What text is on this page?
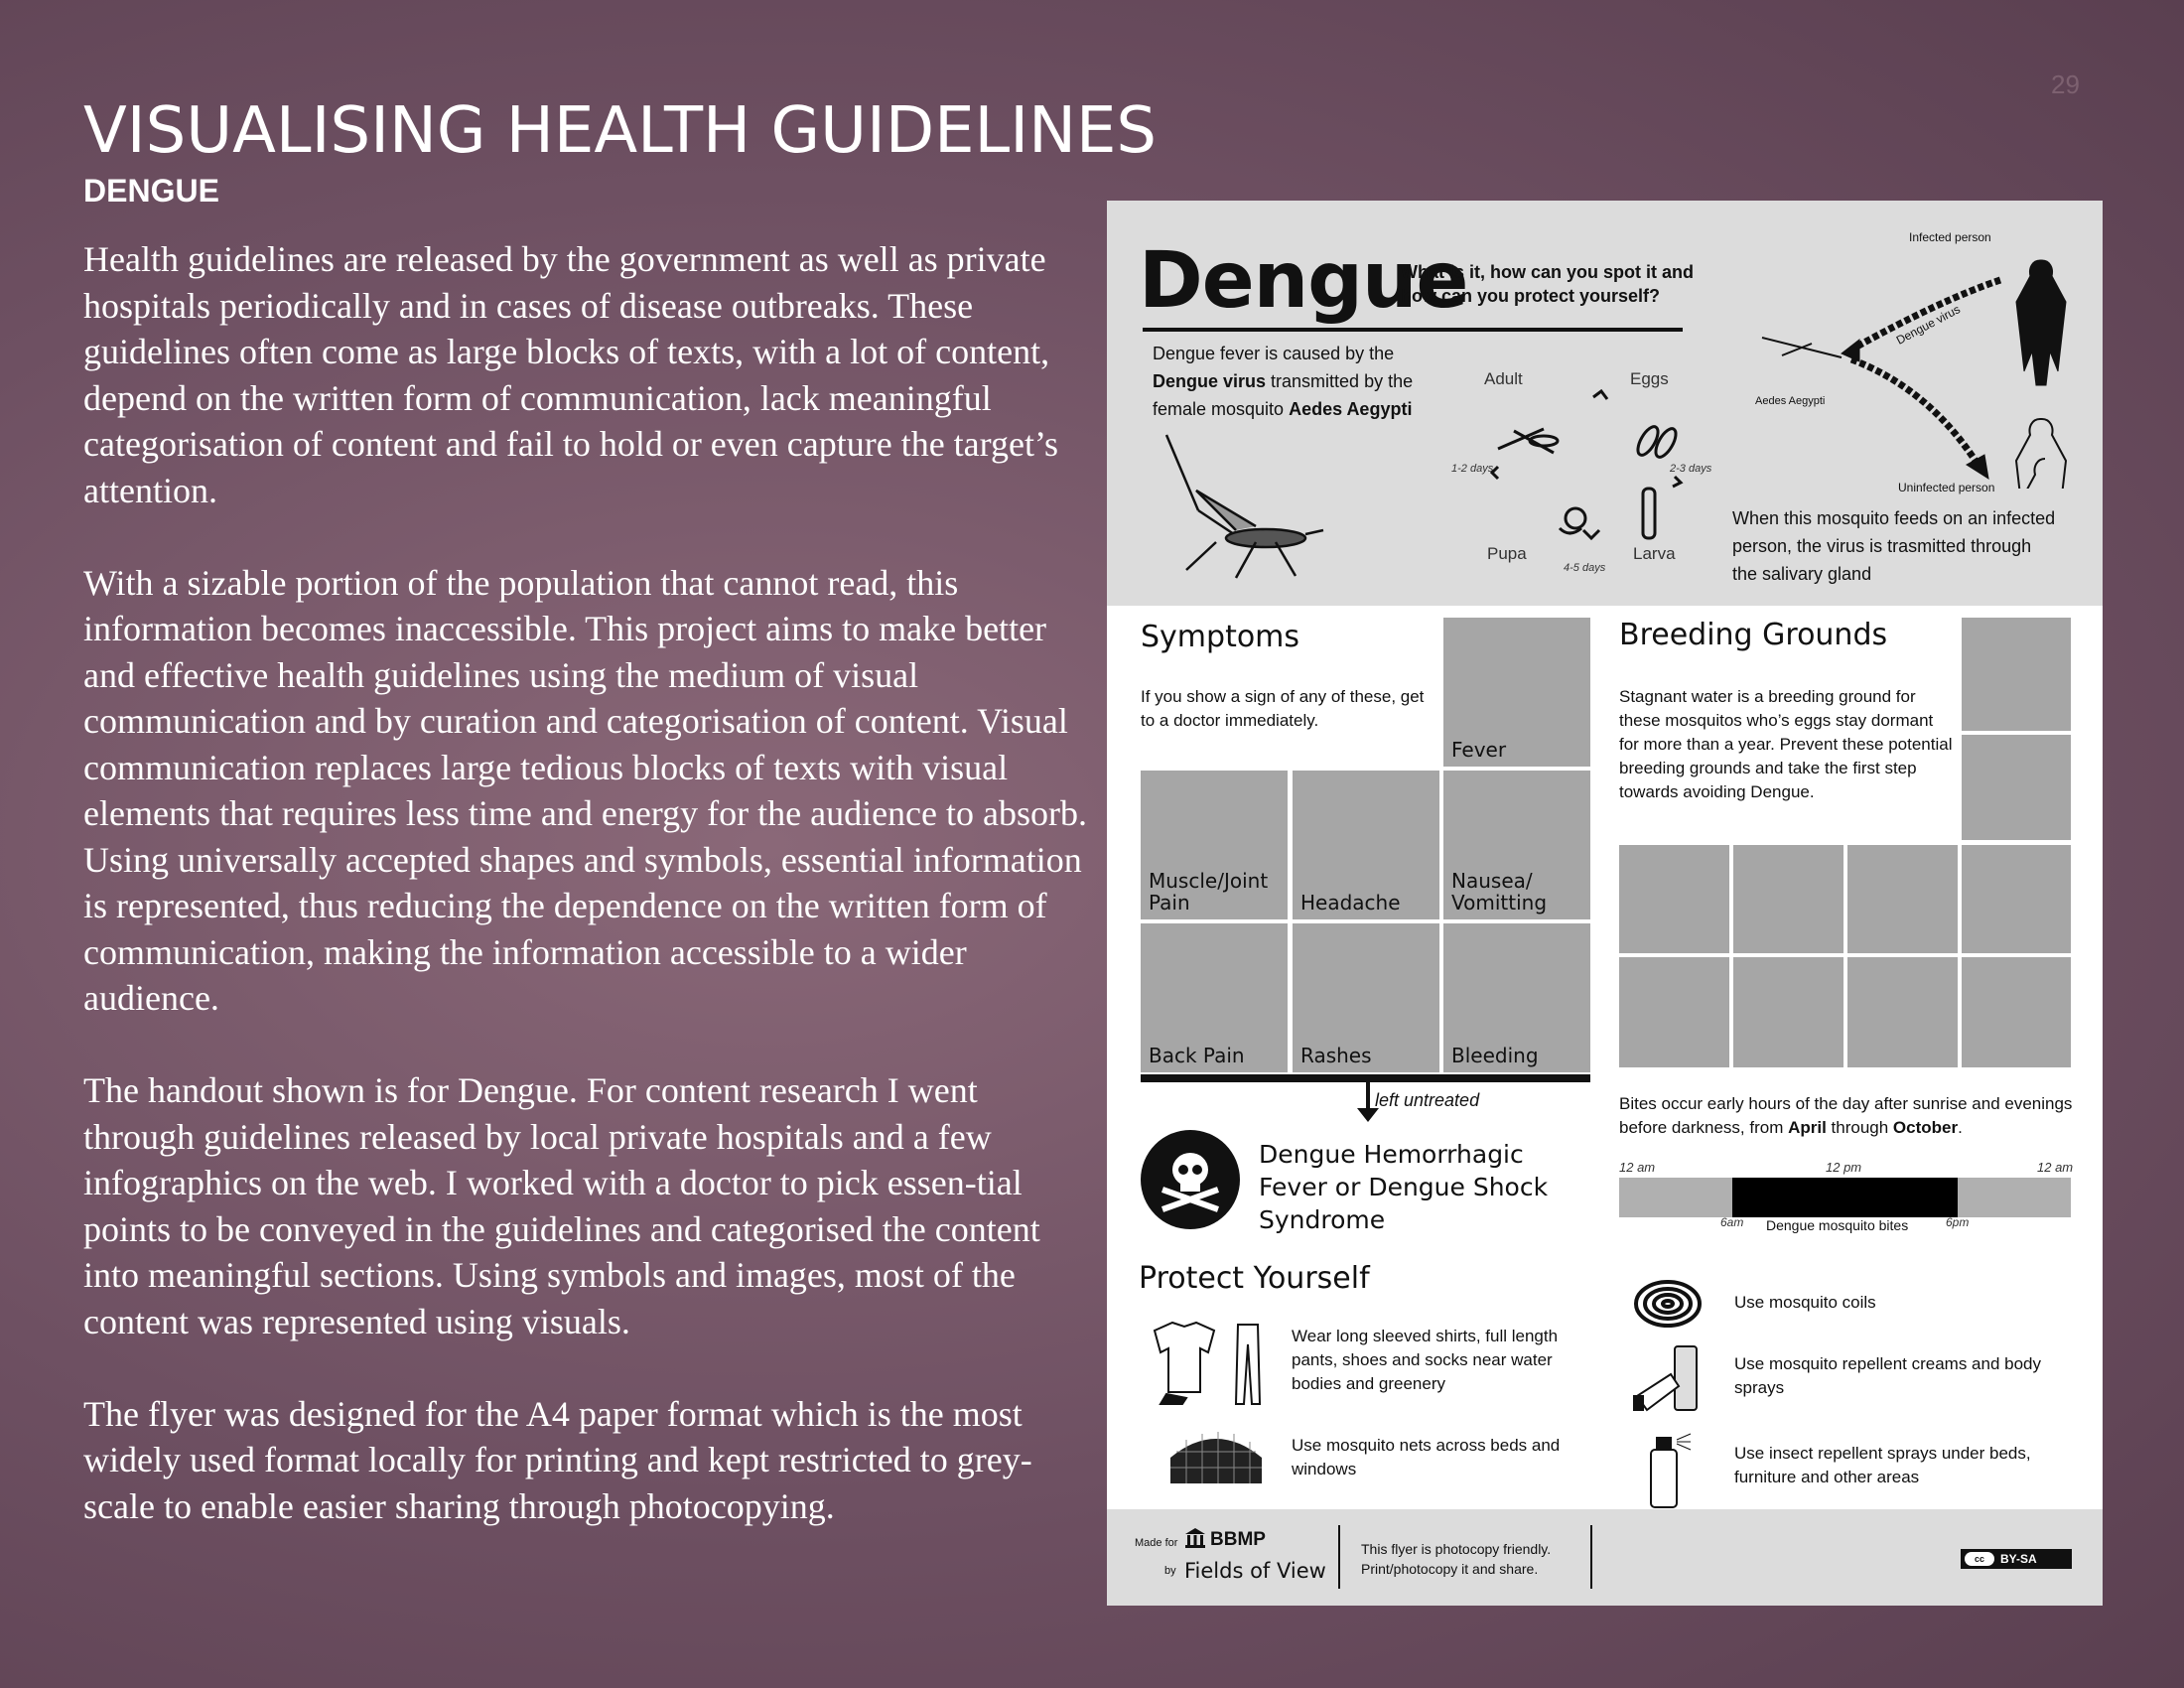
29
VISUALISING HEALTH GUIDELINES
DENGUE

Health guidelines are released by the government as well as private hospitals periodically and in cases of disease outbreaks. These guidelines often come as large blocks of texts, with a lot of content, depend on the written form of communication, lack meaningful categorisation of content and fail to hold or even capture the target’s attention.

With a sizable portion of the population that cannot read, this information becomes inaccessible. This project aims to make better and effective health guidelines using the medium of visual communication and by curation and categorisation of content. Visual communication replaces large tedious blocks of texts with visual elements that requires less time and energy for the audience to absorb. Using universally accepted shapes and symbols, essential information is represented, thus reducing the dependence on the written form of communication, making the information accessible to a wider audience.

The handout shown is for Dengue. For content research I went through guidelines released by local private hospitals and a few infographics on the web. I worked with a doctor to pick essen-tial points to be conveyed in the guidelines and categorised the content into meaningful sections. Using symbols and images, most of the content was represented using visuals.

The flyer was designed for the A4 paper format which is the most widely used format locally for printing and kept restricted to grey-scale to enable easier sharing through photocopying.

Dengue
What is it, how can you spot it and how can you protect yourself?
Dengue fever is caused by the Dengue virus transmitted by the female mosquito Aedes Aegypti
Adult	Eggs
Pupa	Larva
1-2 days	2-3 days
4-5 days
Infected person
Uninfected person
Dengue virus
Aedes Aegypti
When this mosquito feeds on an infected person, the virus is trasmitted through the salivary gland
Symptoms
If you show a sign of any of these, get to a doctor immediately.
Fever
Muscle/Joint Pain	Headache
Nausea/ Vomitting
Back Pain	Rashes	Bleeding
left untreated
Dengue Hemorrhagic Fever or Dengue Shock Syndrome
Breeding Grounds
Stagnant water is a breeding ground for these mosquitos who’s eggs stay dormant for more than a year. Prevent these potential breeding grounds and take the first step towards avoiding Dengue.
Bites occur early hours of the day after sunrise and evenings before darkness, from April through October.
12 am	12 pm	12 am
6am	6pm
Dengue mosquito bites
Protect Yourself
Wear long sleeved shirts, full length pants, shoes and socks near water bodies and greenery
Use mosquito nets across beds and windows
Use mosquito coils
Use mosquito repellent creams and body sprays
Use insect repellent sprays under beds, furniture and other areas
Made for BBMP
by Fields of View
This flyer is photocopy friendly. Print/photocopy it and share.
cc	BY-SA
